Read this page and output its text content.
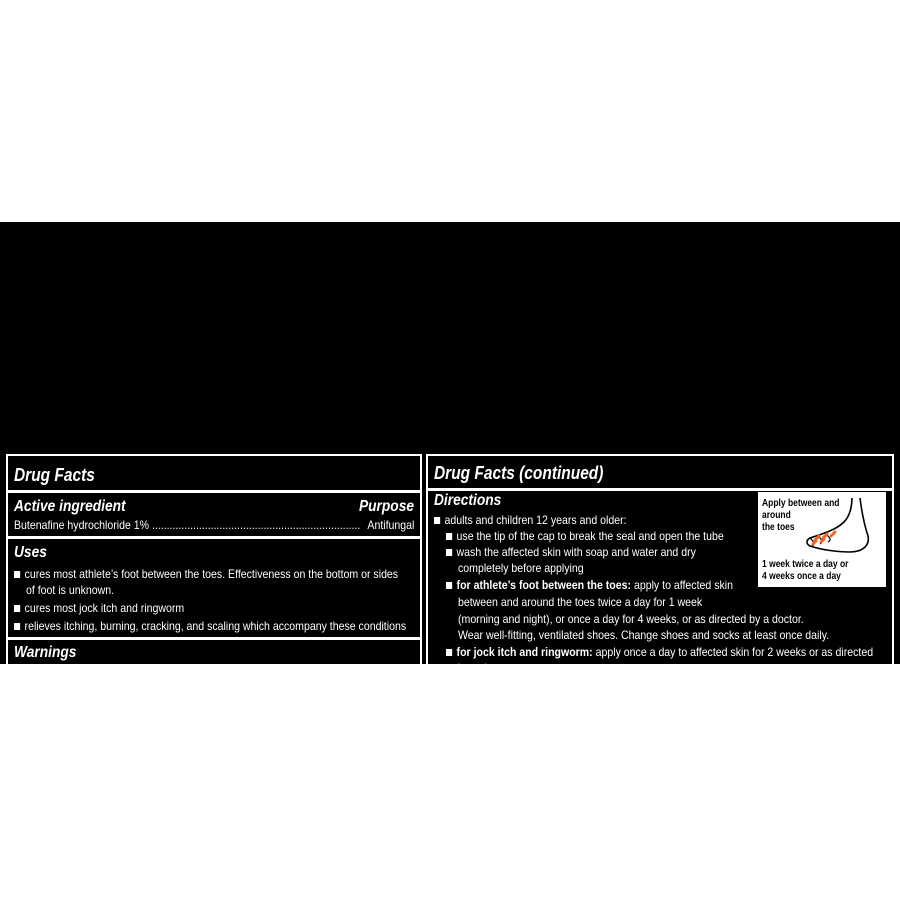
Drug Facts
Active ingredient	Purpose
Butenafine hydrochloride 1% ....................................................................... Antifungal
Uses
cures most athlete’s foot between the toes. Effectiveness on the bottom or sides
of foot is unknown.
cures most jock itch and ringworm
relieves itching, burning, cracking, and scaling which accompany these conditions
Warnings
For external use only
Do not use
on nails or scalp
in or near the mouth or the eyes
for vaginal yeast infections
When using this product do not get into the eyes. If eye contact occurs, rinse
thoroughly with water.
Stop use and ask a doctor if too much irritation occurs or irritation gets worse
Keep out of reach of children. If swallowed, get medical help or contact a Poison
Control Center right away.
Drug Facts (continued)
Directions
adults and children 12 years and older:
use the tip of the cap to break the seal and open the tube
wash the affected skin with soap and water and dry
completely before applying
for athlete’s foot between the toes: apply to affected skin
between and around the toes twice a day for 1 week
(morning and night), or once a day for 4 weeks, or as directed by a doctor.
Wear well-fitting, ventilated shoes. Change shoes and socks at least once daily.
for jock itch and ringworm: apply once a day to affected skin for 2 weeks or as directed
by a doctor
wash hands after each use
children under 12 years: ask a doctor
Apply between and
around
the toes
1 week twice a day or
4 weeks once a day
Other information
do not use if seal on tube is broken or not visible
store between 20º to 25ºC (68º to 77ºF)
Inactive ingredients
benzyl alcohol, cetyl alcohol, glycerin, glyceryl monostearate SE, polyoxyethylene (23) cetyl
ether, propylene glycol dicaprylate, purified water, sodium benzoate, stearic acid, trolamine,
white petrolatum
Questions? 1-866-360-3266 or visit us at www.lotrimin.com
